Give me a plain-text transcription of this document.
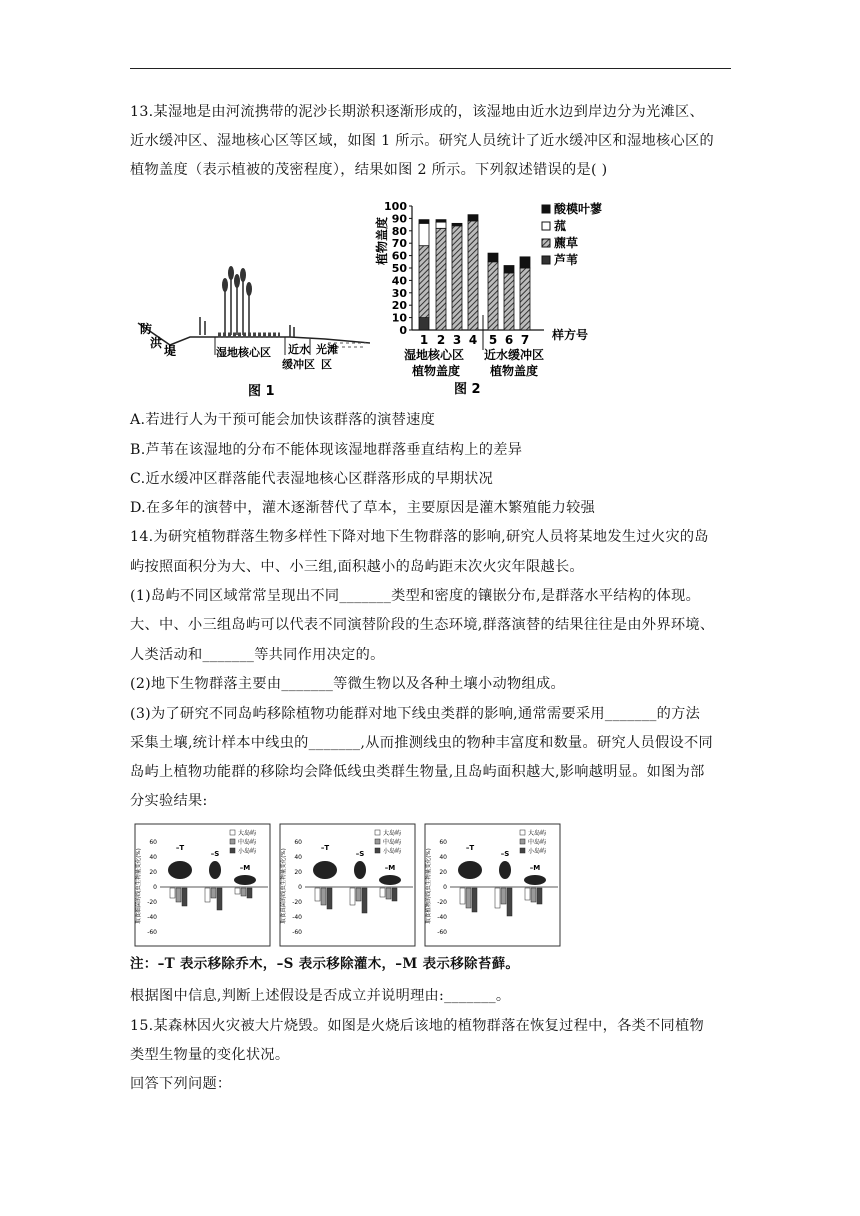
13.某湿地是由河流携带的泥沙长期淤积逐渐形成的，该湿地由近水边到岸边分为光滩区、
近水缓冲区、湿地核心区等区域，如图 1 所示。研究人员统计了近水缓冲区和湿地核心区的
植物盖度（表示植被的茂密程度），结果如图 2 所示。下列叙述错误的是( )
防
洪
堤	湿地核心区 近水
缓冲区
光滩
区
图 1
植物盖度
0
10
20
30
40
50
60
70
80
90
100
1 2 3 4 5 6 7 样方号
湿地核心区
植物盖度
近水缓冲区
植物盖度
图 2
酸模叶蓼
菰
藨草
芦苇
A.若进行人为干预可能会加快该群落的演替速度
B.芦苇在该湿地的分布不能体现该湿地群落垂直结构上的差异
C.近水缓冲区群落能代表湿地核心区群落形成的早期状况
D.在多年的演替中，灌木逐渐替代了草本，主要原因是灌木繁殖能力较强
14.为研究植物群落生物多样性下降对地下生物群落的影响,研究人员将某地发生过火灾的岛
屿按照面积分为大、中、小三组,面积越小的岛屿距末次火灾年限越长。
(1)岛屿不同区域常常呈现出不同_______类型和密度的镶嵌分布,是群落水平结构的体现。
大、中、小三组岛屿可以代表不同演替阶段的生态环境,群落演替的结果往往是由外界环境、
人类活动和_______等共同作用决定的。
(2)地下生物群落主要由_______等微生物以及各种土壤小动物组成。
(3)为了研究不同岛屿移除植物功能群对地下线虫类群的影响,通常需要采用_______的方法
采集土壤,统计样本中线虫的_______,从而推测线虫的物种丰富度和数量。研究人员假设不同
岛屿上植物功能群的移除均会降低线虫类群生物量,且岛屿面积越大,影响越明显。如图为部
分实验结果:
取食细菌的线虫生物量变化(%)
60
40
20
0
-20
-40
-60
大岛屿
中岛屿
小岛屿
–T
–S
–M	取食真菌的线虫生物量变化(%)
60
40
20
0
-20
-40
-60
大岛屿
中岛屿
小岛屿
–T
–S
–M	取食植物的线虫生物量变化(%)
60
40
20
0
-20
-40
-60
大岛屿
中岛屿
小岛屿
–T
–S
–M
注：–T 表示移除乔木，–S 表示移除灌木，–M 表示移除苔藓。
根据图中信息,判断上述假设是否成立并说明理由:_______。
15.某森林因火灾被大片烧毁。如图是火烧后该地的植物群落在恢复过程中，各类不同植物
类型生物量的变化状况。
回答下列问题：
